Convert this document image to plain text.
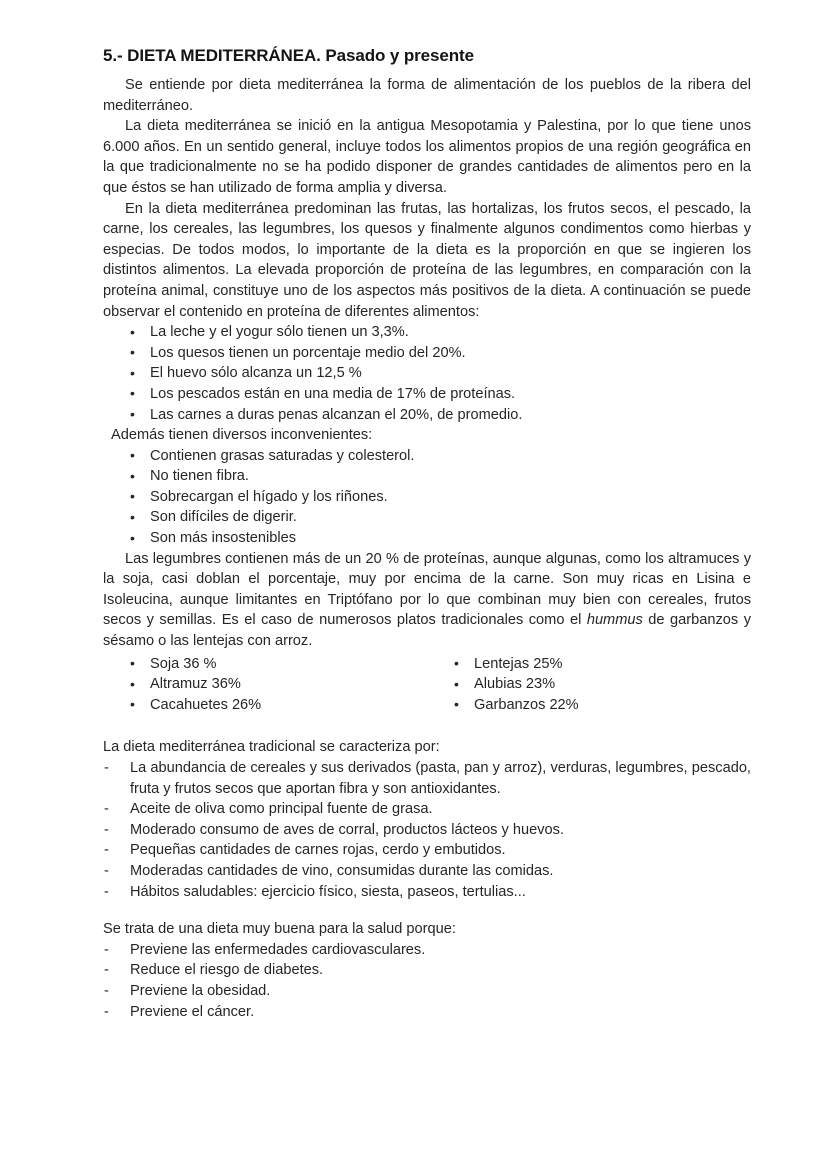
5.- DIETA MEDITERRÁNEA. Pasado y presente

Se entiende por dieta mediterránea la forma de alimentación de los pueblos de la ribera del mediterráneo.

La dieta mediterránea se inició en la antigua Mesopotamia y Palestina, por lo que tiene unos 6.000 años. En un sentido general, incluye todos los alimentos propios de una región geográfica en la que tradicionalmente no se ha podido disponer de grandes cantidades de alimentos pero en la que éstos se han utilizado de forma amplia y diversa.

En la dieta mediterránea predominan las frutas, las hortalizas, los frutos secos, el pescado, la carne, los cereales, las legumbres, los quesos y finalmente algunos condimentos como hierbas y especias. De todos modos, lo importante de la dieta es la proporción en que se ingieren los distintos alimentos. La elevada proporción de proteína de las legumbres, en comparación con la proteína animal, constituye uno de los aspectos más positivos de la dieta. A continuación se puede observar el contenido en proteína de diferentes alimentos:

• La leche y el yogur sólo tienen un 3,3%.
• Los quesos tienen un porcentaje medio del 20%.
• El huevo sólo alcanza un 12,5 %
• Los pescados están en una media de 17% de proteínas.
• Las carnes a duras penas alcanzan el 20%, de promedio.
Además tienen diversos inconvenientes:
• Contienen grasas saturadas y colesterol.
• No tienen fibra.
• Sobrecargan el hígado y los riñones.
• Son difíciles de digerir.
• Son más insostenibles

Las legumbres contienen más de un 20 % de proteínas, aunque algunas, como los altramuces y la soja, casi doblan el porcentaje, muy por encima de la carne. Son muy ricas en Lisina e Isoleucina, aunque limitantes en Triptófano por lo que combinan muy bien con cereales, frutos secos y semillas. Es el caso de numerosos platos tradicionales como el hummus de garbanzos y sésamo o las lentejas con arroz.

• Soja 36 %
• Altramuz 36%
• Cacahuetes 26%
• Lentejas 25%
• Alubias 23%
• Garbanzos 22%
La dieta mediterránea tradicional se caracteriza por:
- La abundancia de cereales y sus derivados (pasta, pan y arroz), verduras, legumbres, pescado, fruta y frutos secos que aportan fibra y son antioxidantes.
- Aceite de oliva como principal fuente de grasa.
- Moderado consumo de aves de corral, productos lácteos y huevos.
- Pequeñas cantidades de carnes rojas, cerdo y embutidos.
- Moderadas cantidades de vino, consumidas durante las comidas.
- Hábitos saludables: ejercicio físico, siesta, paseos, tertulias...
Se trata de una dieta muy buena para la salud porque:
- Previene las enfermedades cardiovasculares.
- Reduce el riesgo de diabetes.
- Previene la obesidad.
- Previene el cáncer.
